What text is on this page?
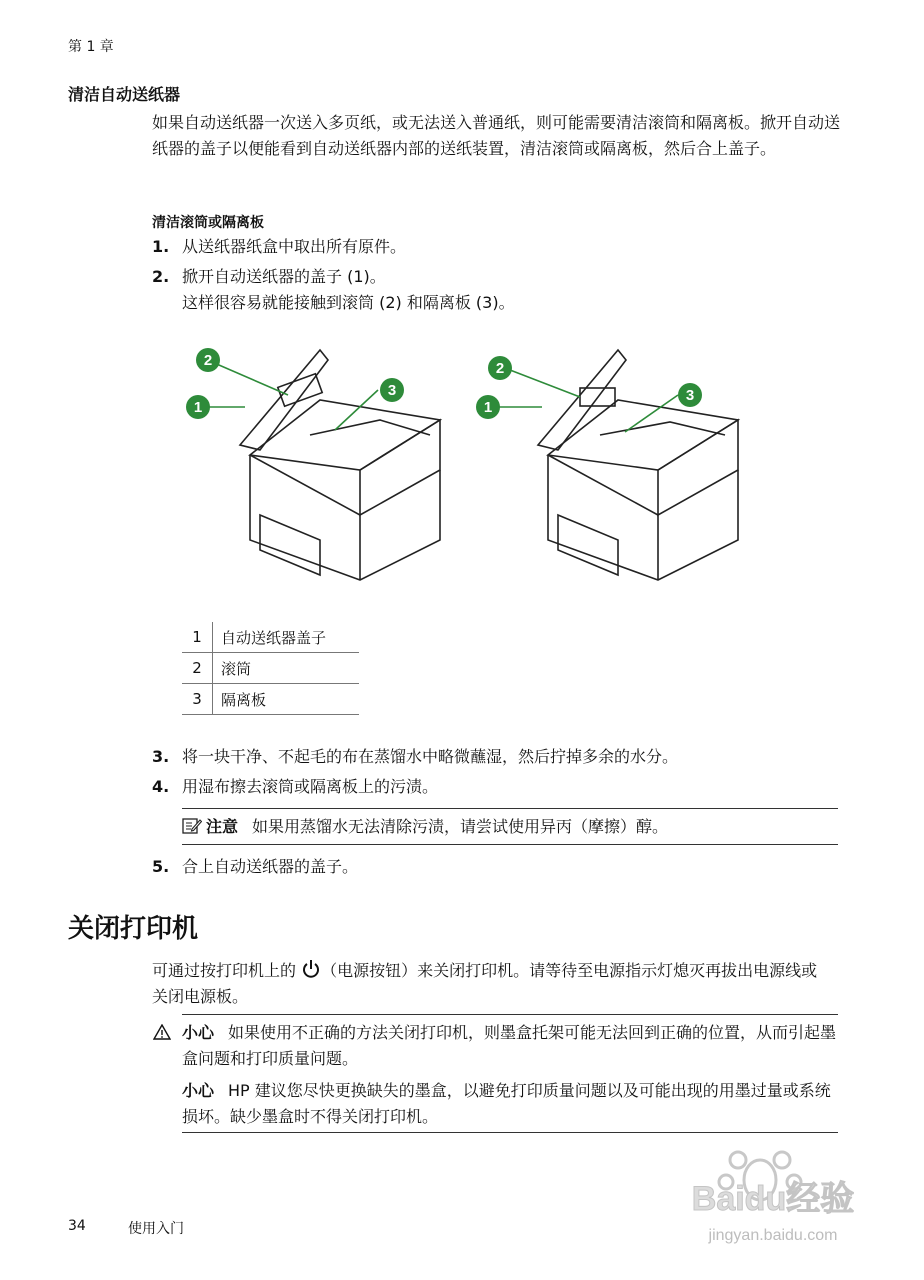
第 1 章
清洁自动送纸器
如果自动送纸器一次送入多页纸，或无法送入普通纸，则可能需要清洁滚筒和隔离板。掀开自动送纸器的盖子以便能看到自动送纸器内部的送纸装置，清洁滚筒或隔离板，然后合上盖子。
清洁滚筒或隔离板
1. 从送纸器纸盒中取出所有原件。
2. 掀开自动送纸器的盖子 (1)。
这样很容易就能接触到滚筒 (2) 和隔离板 (3)。
1
2
3
1
2
3
1	自动送纸器盖子
2	滚筒
3	隔离板
3. 将一块干净、不起毛的布在蒸馏水中略微蘸湿，然后拧掉多余的水分。
4. 用湿布擦去滚筒或隔离板上的污渍。
注意 如果用蒸馏水无法清除污渍，请尝试使用异丙（摩擦）醇。
5. 合上自动送纸器的盖子。
关闭打印机
可通过按打印机上的 （电源按钮）来关闭打印机。请等待至电源指示灯熄灭再拔出电源线或关闭电源板。
小心 如果使用不正确的方法关闭打印机，则墨盒托架可能无法回到正确的位置，从而引起墨盒问题和打印质量问题。
小心 HP 建议您尽快更换缺失的墨盒，以避免打印质量问题以及可能出现的用墨过量或系统损坏。缺少墨盒时不得关闭打印机。
Baidu经验
jingyan.baidu.com
34	使用入门
